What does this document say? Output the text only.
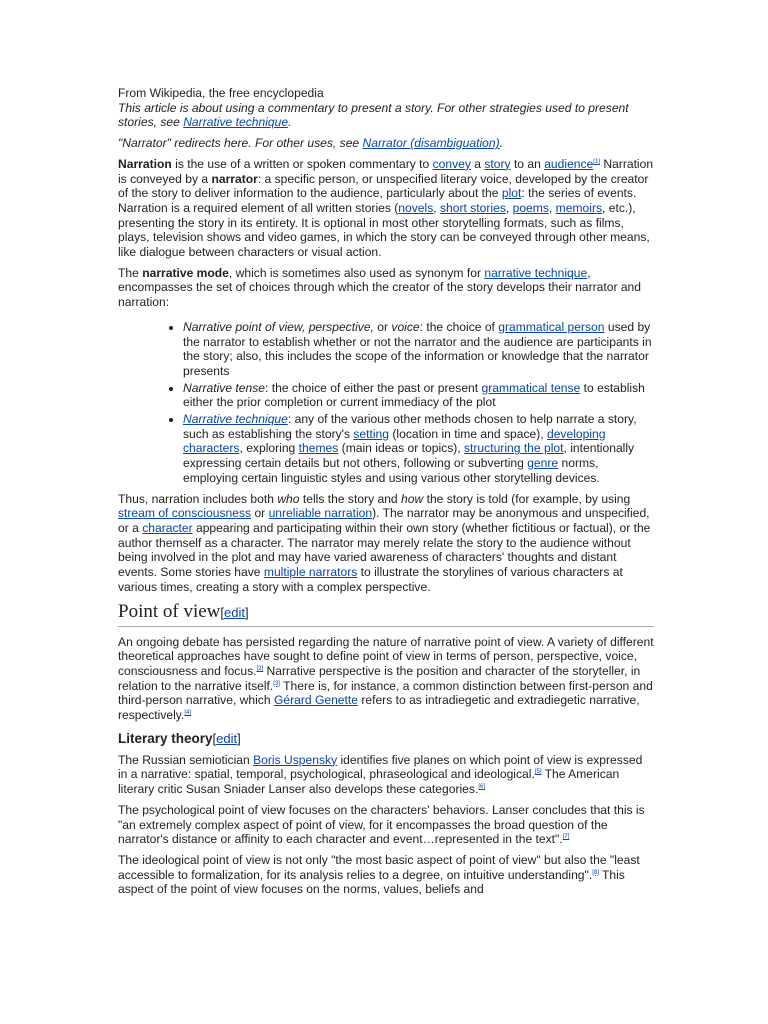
From Wikipedia, the free encyclopedia

This article is about using a commentary to present a story. For other strategies used to present stories, see Narrative technique.

"Narrator" redirects here. For other uses, see Narrator (disambiguation).

Narration is the use of a written or spoken commentary to convey a story to an audience[1] Narration is conveyed by a narrator: a specific person, or unspecified literary voice, developed by the creator of the story to deliver information to the audience, particularly about the plot: the series of events. Narration is a required element of all written stories (novels, short stories, poems, memoirs, etc.), presenting the story in its entirety. It is optional in most other storytelling formats, such as films, plays, television shows and video games, in which the story can be conveyed through other means, like dialogue between characters or visual action.

The narrative mode, which is sometimes also used as synonym for narrative technique, encompasses the set of choices through which the creator of the story develops their narrator and narration:

• Narrative point of view, perspective, or voice: the choice of grammatical person used by the narrator to establish whether or not the narrator and the audience are participants in the story; also, this includes the scope of the information or knowledge that the narrator presents
• Narrative tense: the choice of either the past or present grammatical tense to establish either the prior completion or current immediacy of the plot
• Narrative technique: any of the various other methods chosen to help narrate a story, such as establishing the story's setting (location in time and space), developing characters, exploring themes (main ideas or topics), structuring the plot, intentionally expressing certain details but not others, following or subverting genre norms, employing certain linguistic styles and using various other storytelling devices.

Thus, narration includes both who tells the story and how the story is told (for example, by using stream of consciousness or unreliable narration). The narrator may be anonymous and unspecified, or a character appearing and participating within their own story (whether fictitious or factual), or the author themself as a character. The narrator may merely relate the story to the audience without being involved in the plot and may have varied awareness of characters' thoughts and distant events. Some stories have multiple narrators to illustrate the storylines of various characters at various times, creating a story with a complex perspective.

Point of view[edit]

An ongoing debate has persisted regarding the nature of narrative point of view. A variety of different theoretical approaches have sought to define point of view in terms of person, perspective, voice, consciousness and focus.[2] Narrative perspective is the position and character of the storyteller, in relation to the narrative itself.[3] There is, for instance, a common distinction between first-person and third-person narrative, which Gérard Genette refers to as intradiegetic and extradiegetic narrative, respectively.[4]

Literary theory[edit]

The Russian semiotician Boris Uspensky identifies five planes on which point of view is expressed in a narrative: spatial, temporal, psychological, phraseological and ideological.[5] The American literary critic Susan Sniader Lanser also develops these categories.[6]

The psychological point of view focuses on the characters' behaviors. Lanser concludes that this is "an extremely complex aspect of point of view, for it encompasses the broad question of the narrator's distance or affinity to each character and event…represented in the text".[7]

The ideological point of view is not only "the most basic aspect of point of view" but also the "least accessible to formalization, for its analysis relies to a degree, on intuitive understanding".[8] This aspect of the point of view focuses on the norms, values, beliefs and
